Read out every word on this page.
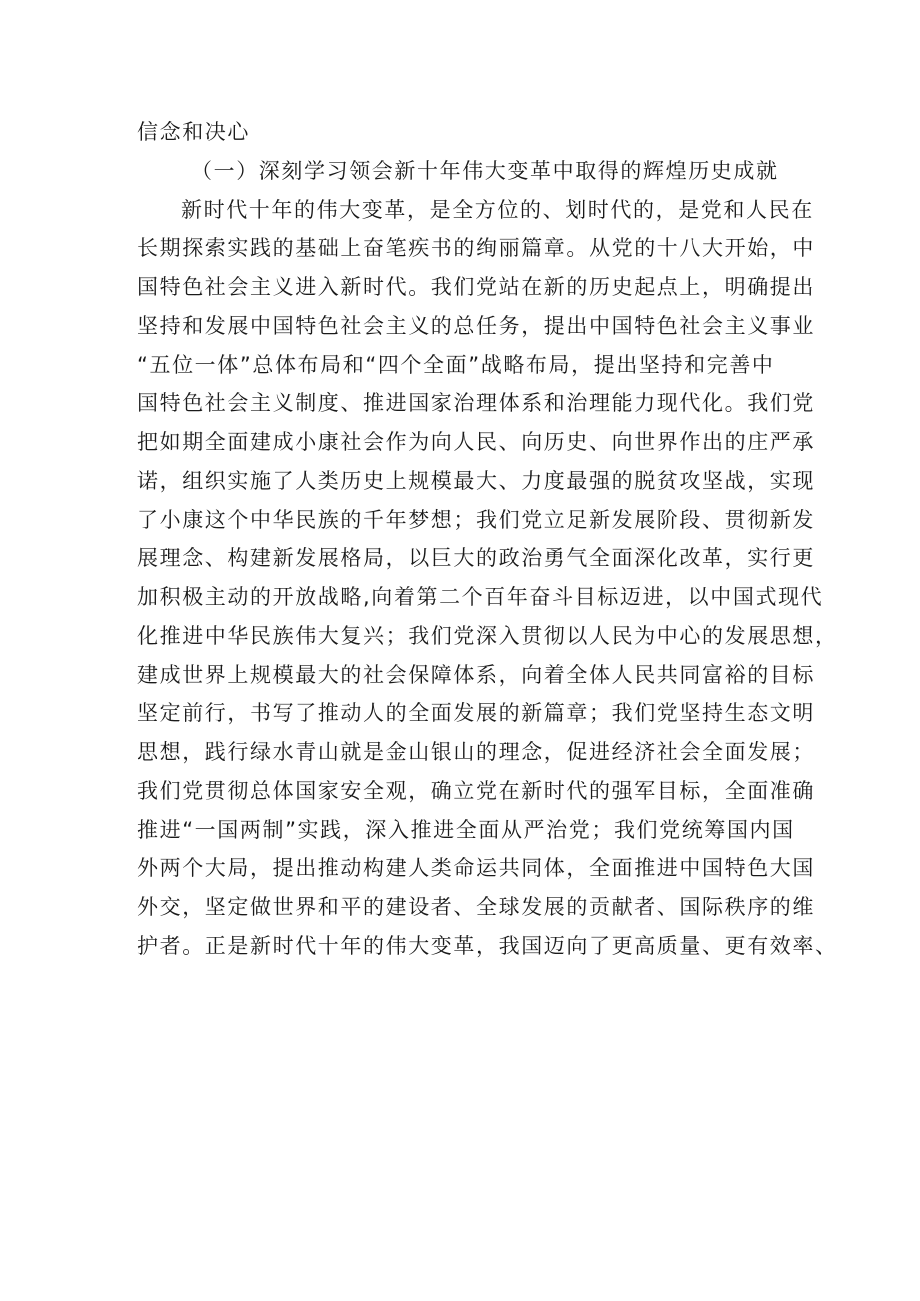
信念和决心
（一）深刻学习领会新十年伟大变革中取得的辉煌历史成就
新时代十年的伟大变革，是全方位的、划时代的，是党和人民在
长期探索实践的基础上奋笔疾书的绚丽篇章。从党的十八大开始，中
国特色社会主义进入新时代。我们党站在新的历史起点上，明确提出
坚持和发展中国特色社会主义的总任务，提出中国特色社会主义事业
“五位一体”总体布局和“四个全面”战略布局，提出坚持和完善中
国特色社会主义制度、推进国家治理体系和治理能力现代化。我们党
把如期全面建成小康社会作为向人民、向历史、向世界作出的庄严承
诺，组织实施了人类历史上规模最大、力度最强的脱贫攻坚战，实现
了小康这个中华民族的千年梦想；我们党立足新发展阶段、贯彻新发
展理念、构建新发展格局，以巨大的政治勇气全面深化改革，实行更
加积极主动的开放战略,向着第二个百年奋斗目标迈进，以中国式现代
化推进中华民族伟大复兴；我们党深入贯彻以人民为中心的发展思想，
建成世界上规模最大的社会保障体系，向着全体人民共同富裕的目标
坚定前行，书写了推动人的全面发展的新篇章；我们党坚持生态文明
思想，践行绿水青山就是金山银山的理念，促进经济社会全面发展；
我们党贯彻总体国家安全观，确立党在新时代的强军目标，全面准确
推进“一国两制”实践，深入推进全面从严治党；我们党统筹国内国
外两个大局，提出推动构建人类命运共同体，全面推进中国特色大国
外交，坚定做世界和平的建设者、全球发展的贡献者、国际秩序的维
护者。正是新时代十年的伟大变革，我国迈向了更高质量、更有效率、
